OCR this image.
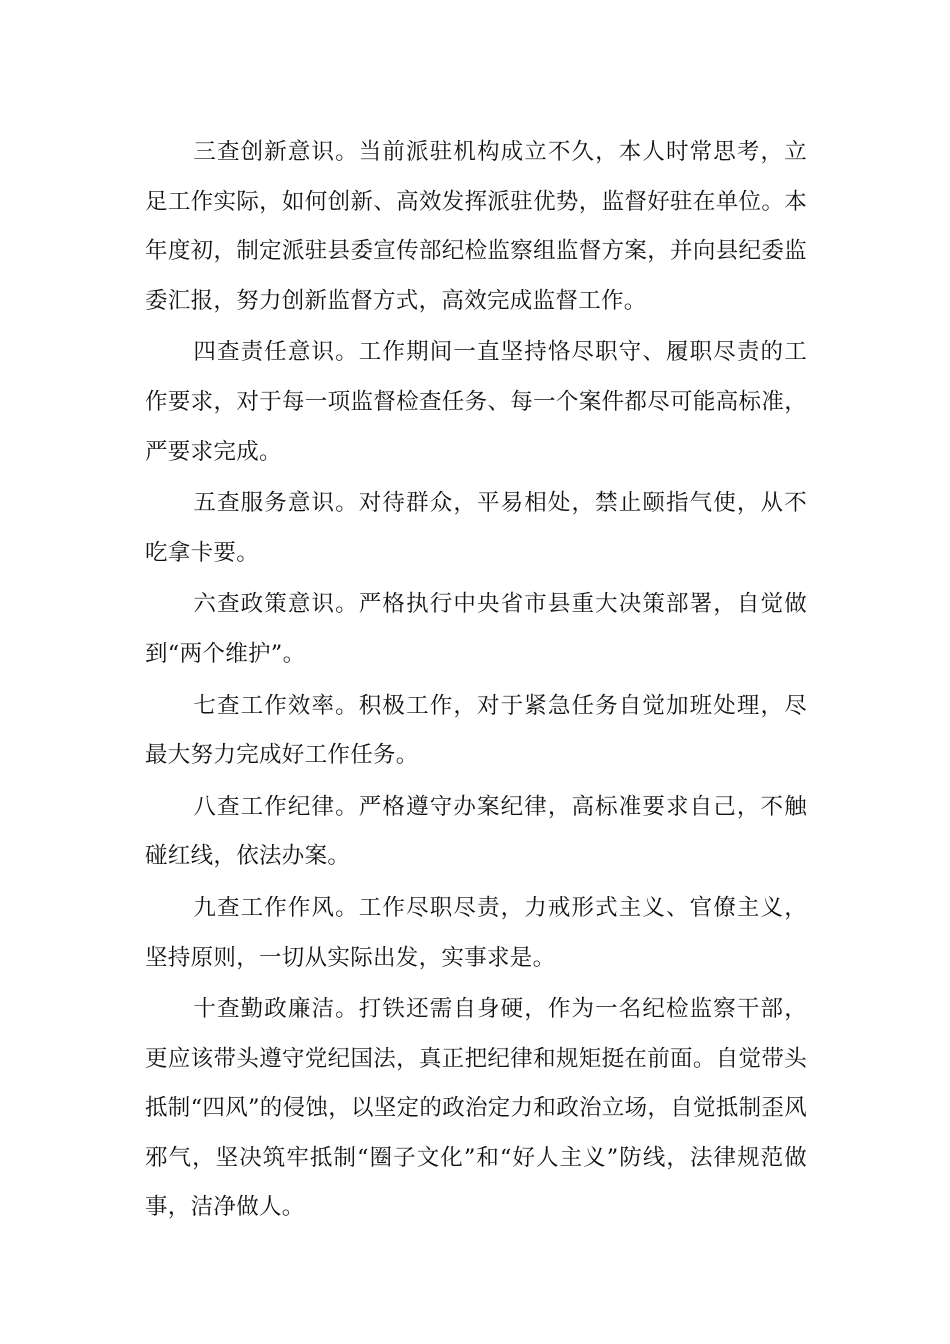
三查创新意识。当前派驻机构成立不久，本人时常思考，立足工作实际，如何创新、高效发挥派驻优势，监督好驻在单位。本年度初，制定派驻县委宣传部纪检监察组监督方案，并向县纪委监委汇报，努力创新监督方式，高效完成监督工作。

四查责任意识。工作期间一直坚持恪尽职守、履职尽责的工作要求，对于每一项监督检查任务、每一个案件都尽可能高标准，严要求完成。

五查服务意识。对待群众，平易相处，禁止颐指气使，从不吃拿卡要。

六查政策意识。严格执行中央省市县重大决策部署，自觉做到“两个维护”。

七查工作效率。积极工作，对于紧急任务自觉加班处理，尽最大努力完成好工作任务。

八查工作纪律。严格遵守办案纪律，高标准要求自己，不触碰红线，依法办案。

九查工作作风。工作尽职尽责，力戒形式主义、官僚主义，坚持原则，一切从实际出发，实事求是。

十查勤政廉洁。打铁还需自身硬，作为一名纪检监察干部，更应该带头遵守党纪国法，真正把纪律和规矩挺在前面。自觉带头抵制“四风”的侵蚀，以坚定的政治定力和政治立场，自觉抵制歪风邪气，坚决筑牢抵制“圈子文化”和“好人主义”防线，法律规范做事，洁净做人。
